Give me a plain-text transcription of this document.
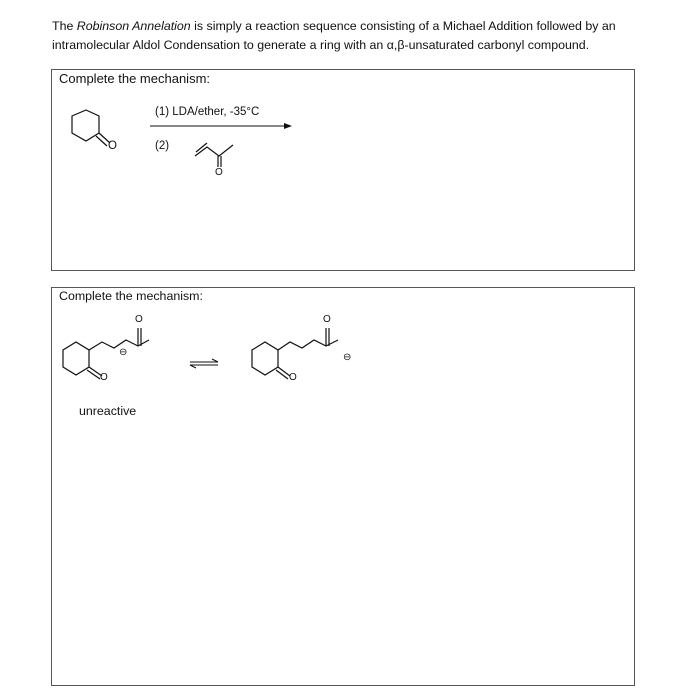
The Robinson Annelation is simply a reaction sequence consisting of a Michael Addition followed by an intramolecular Aldol Condensation to generate a ring with an α,β-unsaturated carbonyl compound.
Complete the mechanism:
O
O
(1) LDA/ether, -35°C
(2)
Complete the mechanism:
O
O
⊖
O
O
⊖
unreactive
